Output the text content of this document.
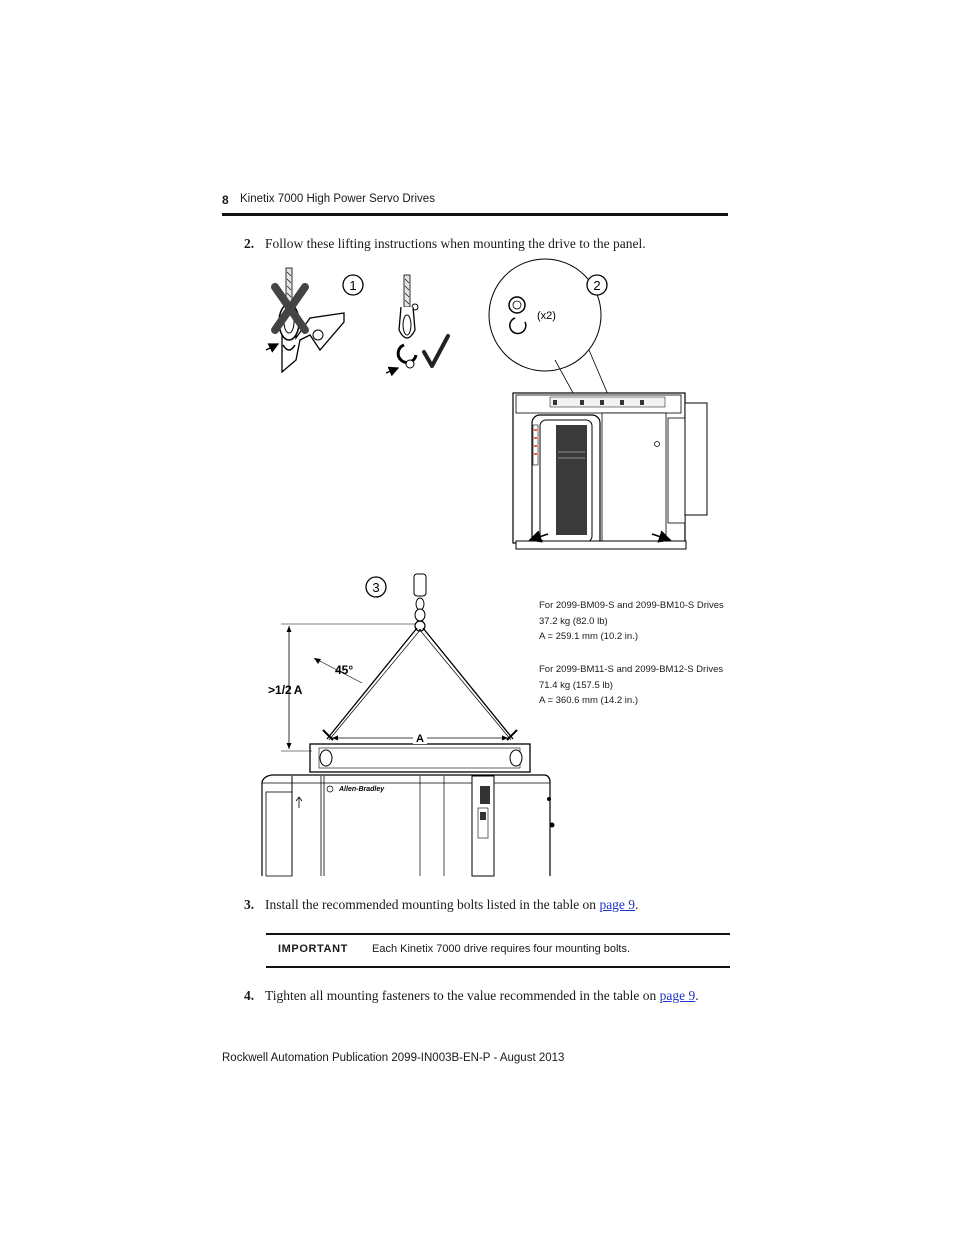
8 Kinetix 7000 High Power Servo Drives
2. Follow these lifting instructions when mounting the drive to the panel.
1
(x2)
2
3
A
>1/2 A
45°
Allen-Bradley
For 2099-BM09-S and 2099-BM10-S Drives
37.2 kg (82.0 lb)
A = 259.1 mm (10.2 in.)
For 2099-BM11-S and 2099-BM12-S Drives
71.4 kg (157.5 lb)
A = 360.6 mm (14.2 in.)
3. Install the recommended mounting bolts listed in the table on page 9.
IMPORTANT Each Kinetix 7000 drive requires four mounting bolts.
4. Tighten all mounting fasteners to the value recommended in the table on page 9.
Rockwell Automation Publication 2099-IN003B-EN-P - August 2013
